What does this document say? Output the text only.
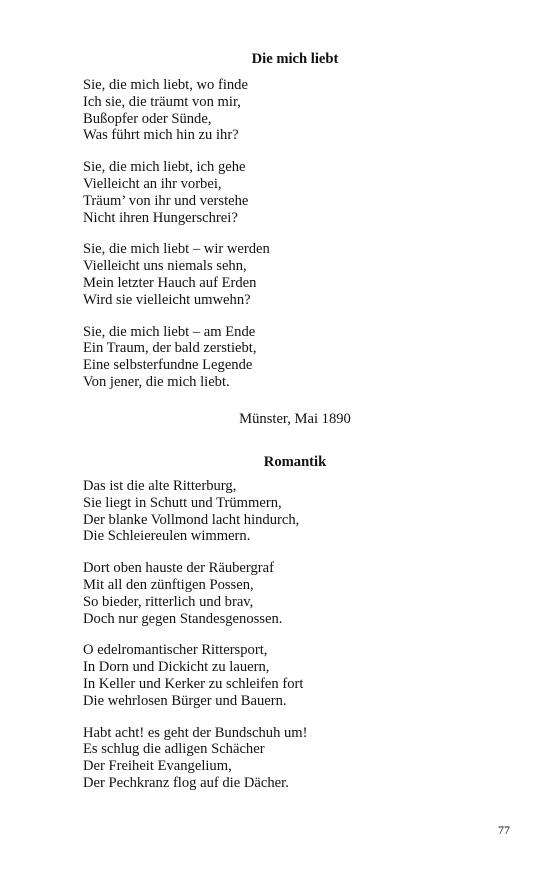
Die mich liebt
Sie, die mich liebt, wo finde
Ich sie, die träumt von mir,
Bußopfer oder Sünde,
Was führt mich hin zu ihr?
Sie, die mich liebt, ich gehe
Vielleicht an ihr vorbei,
Träum’ von ihr und verstehe
Nicht ihren Hungerschrei?
Sie, die mich liebt – wir werden
Vielleicht uns niemals sehn,
Mein letzter Hauch auf Erden
Wird sie vielleicht umwehn?
Sie, die mich liebt – am Ende
Ein Traum, der bald zerstiebt,
Eine selbsterfundne Legende
Von jener, die mich liebt.
Münster, Mai 1890
Romantik
Das ist die alte Ritterburg,
Sie liegt in Schutt und Trümmern,
Der blanke Vollmond lacht hindurch,
Die Schleiereulen wimmern.
Dort oben hauste der Räubergraf
Mit all den zünftigen Possen,
So bieder, ritterlich und brav,
Doch nur gegen Standesgenossen.
O edelromantischer Rittersport,
In Dorn und Dickicht zu lauern,
In Keller und Kerker zu schleifen fort
Die wehrlosen Bürger und Bauern.
Habt acht! es geht der Bundschuh um!
Es schlug die adligen Schächer
Der Freiheit Evangelium,
Der Pechkranz flog auf die Dächer.
77
